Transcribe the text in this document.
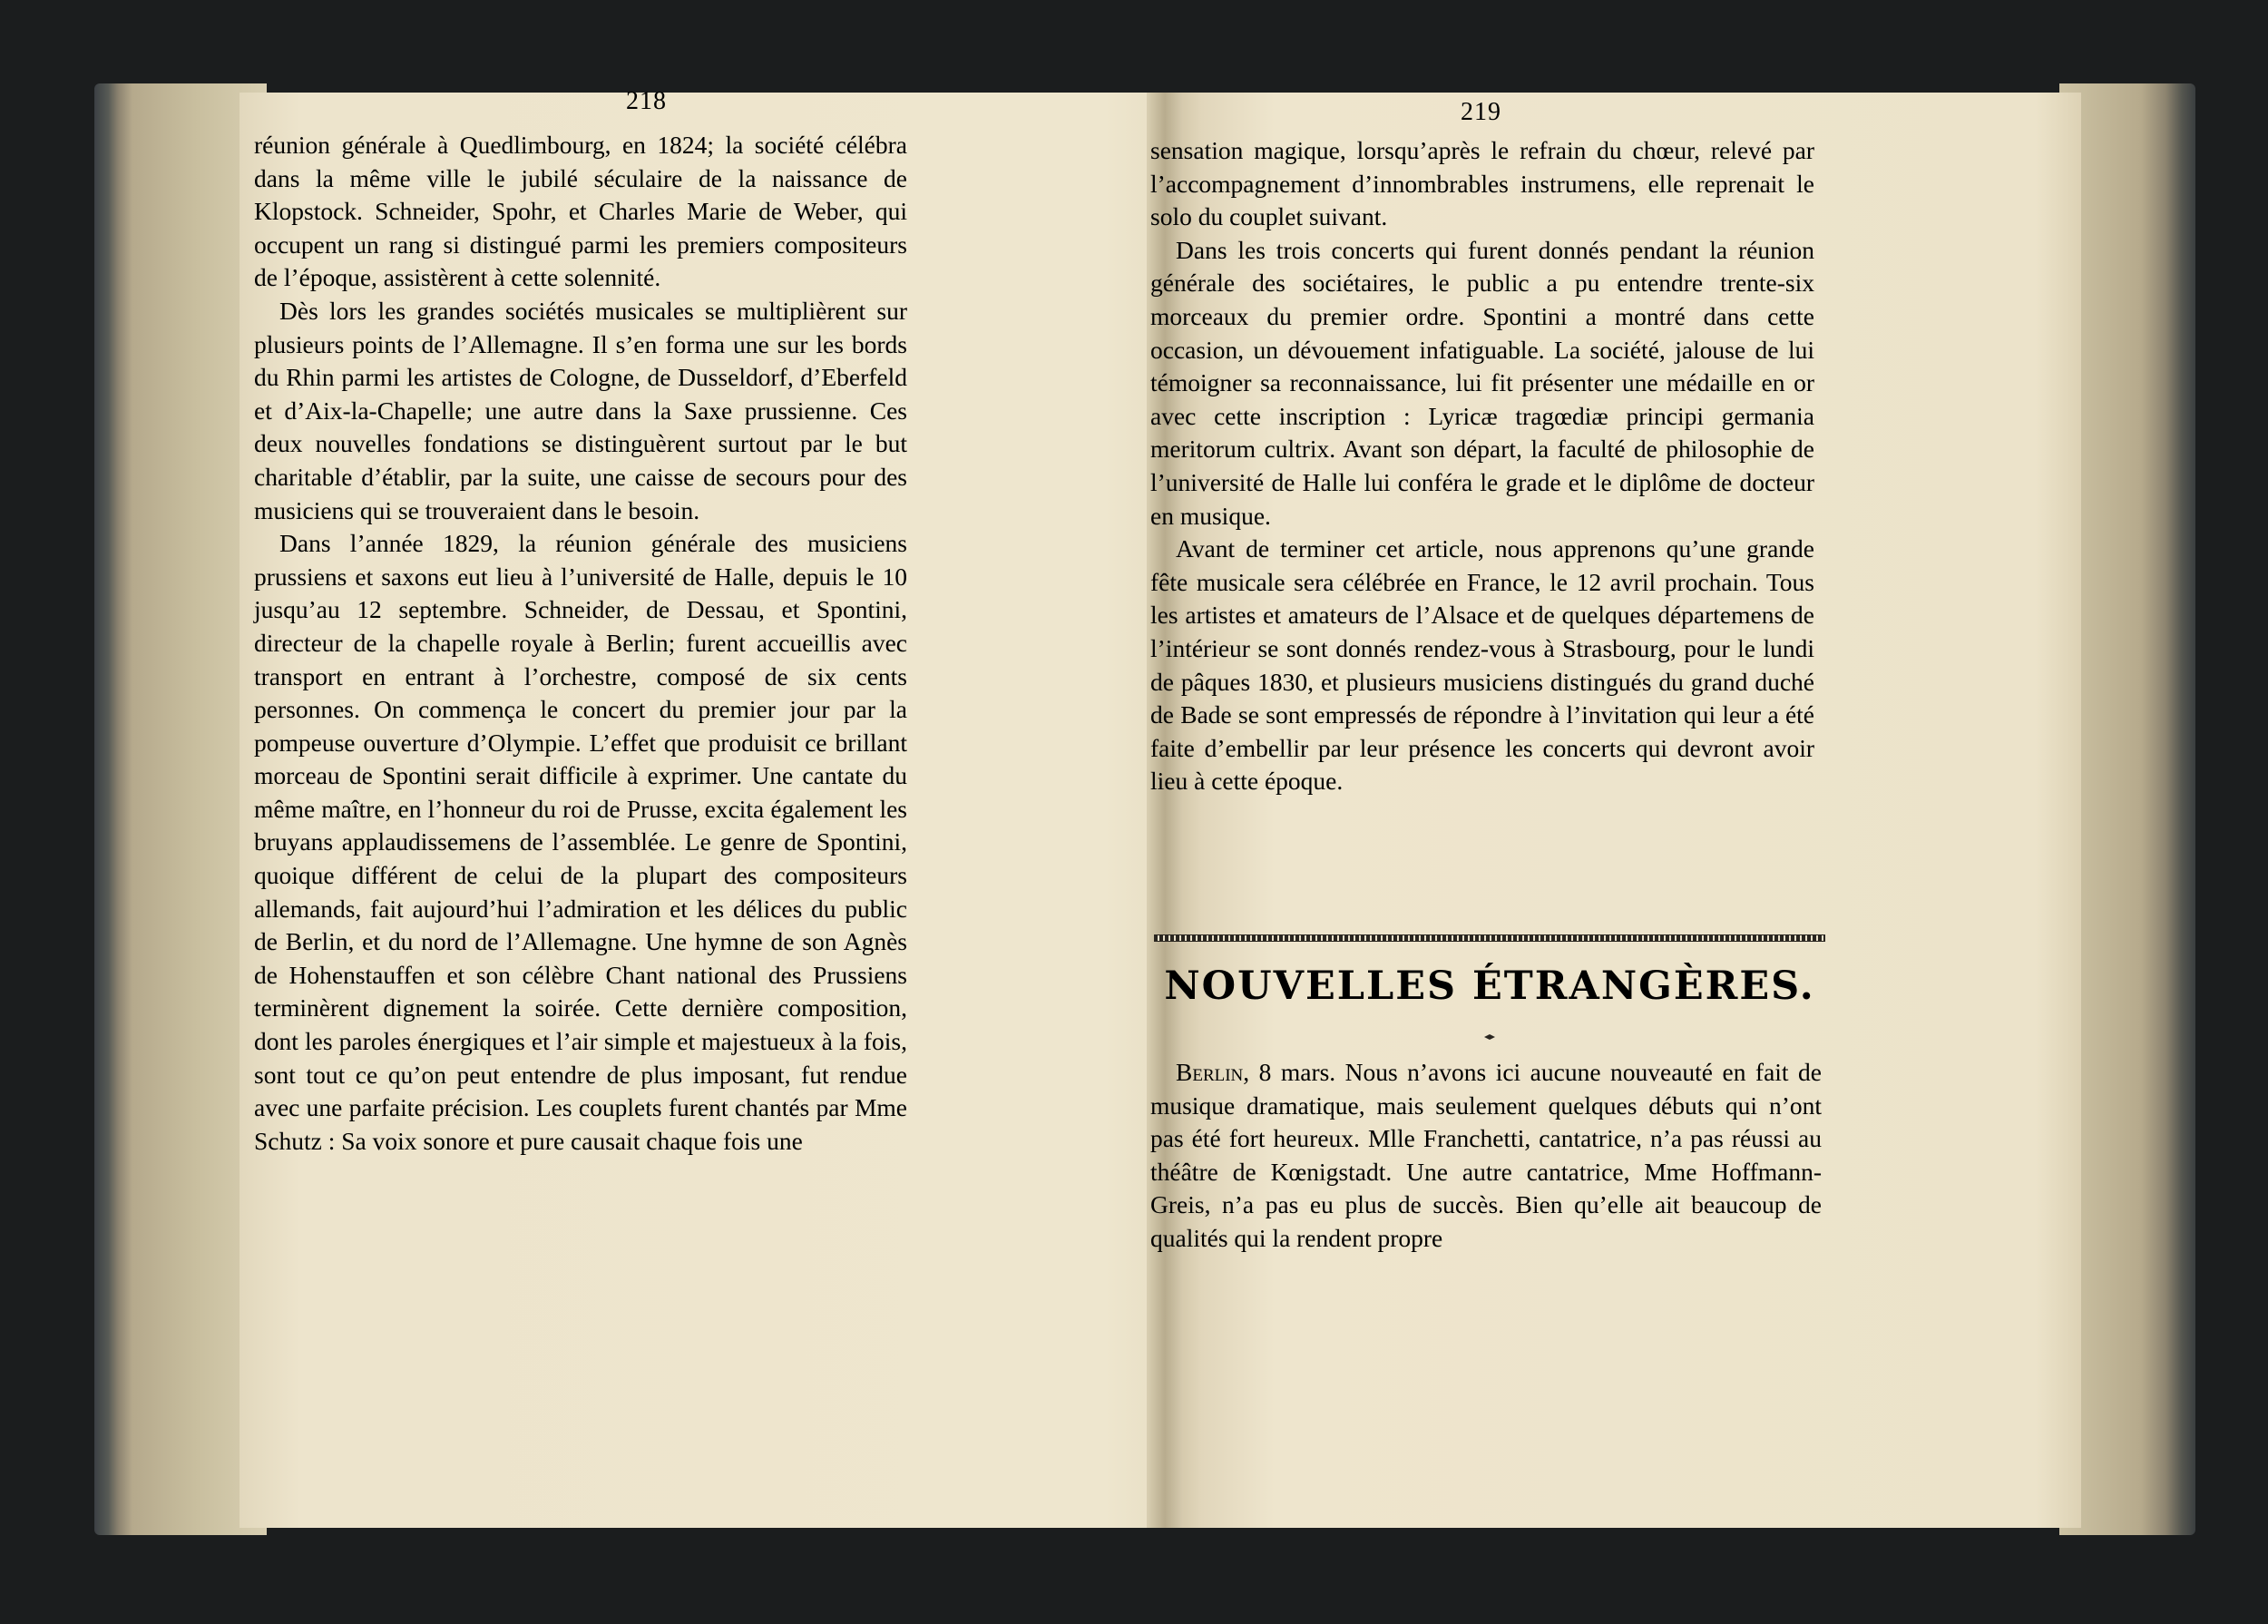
218	219

réunion générale à Quedlimbourg, en 1824; la société célébra dans la même ville le jubilé séculaire de la naissance de Klopstock. Schneider, Spohr, et Charles Marie de Weber, qui occupent un rang si distingué parmi les premiers compositeurs de l’époque, assistèrent à cette solennité.

Dès lors les grandes sociétés musicales se multiplièrent sur plusieurs points de l’Allemagne. Il s’en forma une sur les bords du Rhin parmi les artistes de Cologne, de Dusseldorf, d’Eberfeld et d’Aix-la-Chapelle; une autre dans la Saxe prussienne. Ces deux nouvelles fondations se distinguèrent surtout par le but charitable d’établir, par la suite, une caisse de secours pour des musiciens qui se trouveraient dans le besoin.

Dans l’année 1829, la réunion générale des musiciens prussiens et saxons eut lieu à l’université de Halle, depuis le 10 jusqu’au 12 septembre. Schneider, de Dessau, et Spontini, directeur de la chapelle royale à Berlin; furent accueillis avec transport en entrant à l’orchestre, composé de six cents personnes. On commença le concert du premier jour par la pompeuse ouverture d’Olympie. L’effet que produisit ce brillant morceau de Spontini serait difficile à exprimer. Une cantate du même maître, en l’honneur du roi de Prusse, excita également les bruyans applaudissemens de l’assemblée. Le genre de Spontini, quoique différent de celui de la plupart des compositeurs allemands, fait aujourd’hui l’admiration et les délices du public de Berlin, et du nord de l’Allemagne. Une hymne de son Agnès de Hohenstauffen et son célèbre Chant national des Prussiens terminèrent dignement la soirée. Cette dernière composition, dont les paroles énergiques et l’air simple et majestueux à la fois, sont tout ce qu’on peut entendre de plus imposant, fut rendue avec une parfaite précision. Les couplets furent chantés par Mme Schutz : Sa voix sonore et pure causait chaque fois une

sensation magique, lorsqu’après le refrain du chœur, relevé par l’accompagnement d’innombrables instrumens, elle reprenait le solo du couplet suivant.

Dans les trois concerts qui furent donnés pendant la réunion générale des sociétaires, le public a pu entendre trente-six morceaux du premier ordre. Spontini a montré dans cette occasion, un dévouement infatiguable. La société, jalouse de lui témoigner sa reconnaissance, lui fit présenter une médaille en or avec cette inscription : Lyricæ tragœdiæ principi germania meritorum cultrix. Avant son départ, la faculté de philosophie de l’université de Halle lui conféra le grade et le diplôme de docteur en musique.

Avant de terminer cet article, nous apprenons qu’une grande fête musicale sera célébrée en France, le 12 avril prochain. Tous les artistes et amateurs de l’Alsace et de quelques départemens de l’intérieur se sont donnés rendez-vous à Strasbourg, pour le lundi de pâques 1830, et plusieurs musiciens distingués du grand duché de Bade se sont empressés de répondre à l’invitation qui leur a été faite d’embellir par leur présence les concerts qui devront avoir lieu à cette époque.

NOUVELLES ÉTRANGÈRES.

Berlin, 8 mars. Nous n’avons ici aucune nouveauté en fait de musique dramatique, mais seulement quelques débuts qui n’ont pas été fort heureux. Mlle Franchetti, cantatrice, n’a pas réussi au théâtre de Kœnigstadt. Une autre cantatrice, Mme Hoffmann-Greis, n’a pas eu plus de succès. Bien qu’elle ait beaucoup de qualités qui la rendent propre
